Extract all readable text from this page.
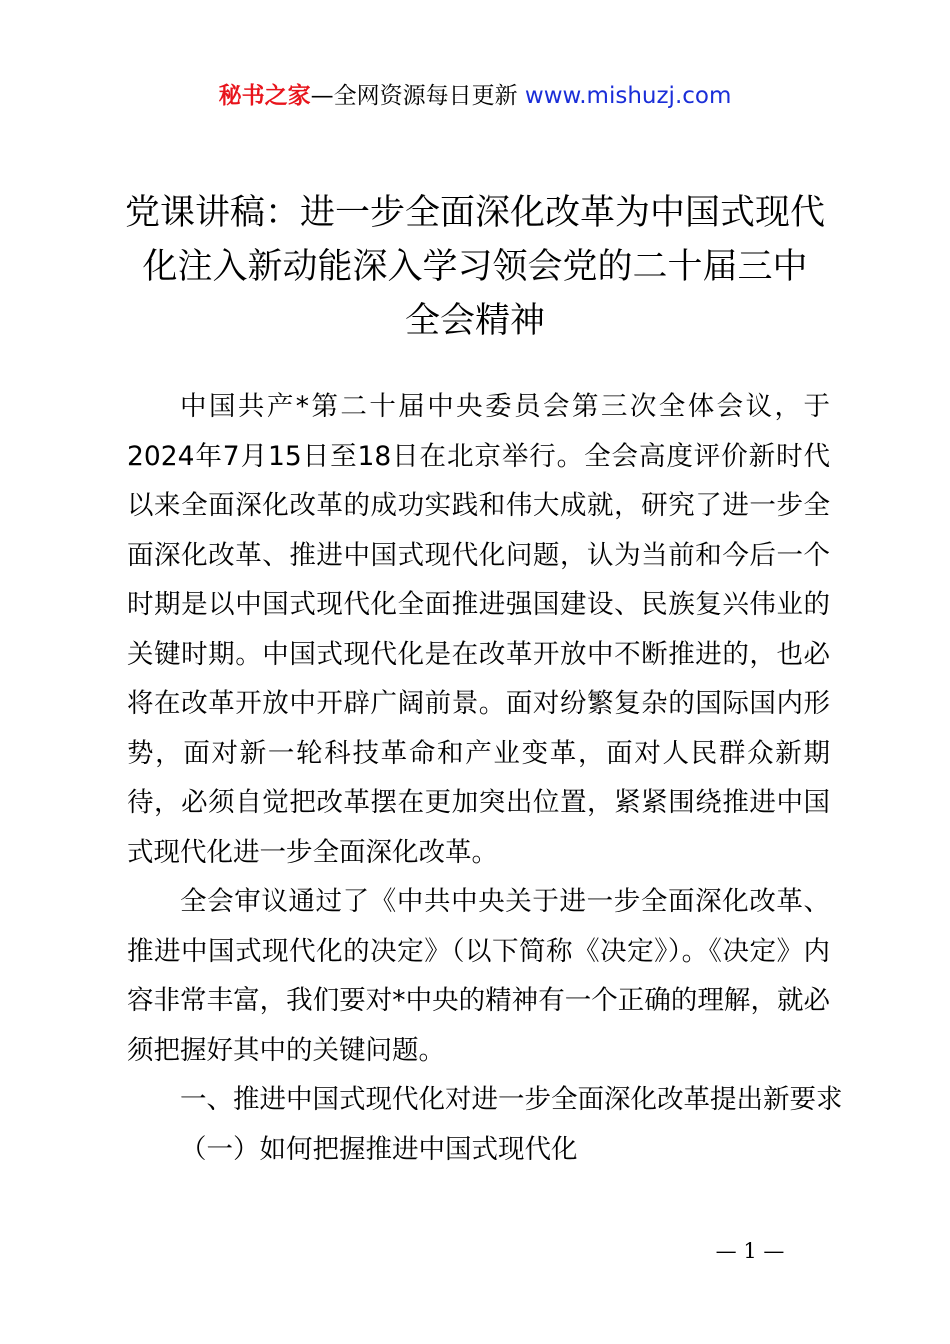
秘书之家—全网资源每日更新 www.mishuzj.com
党课讲稿：进一步全面深化改革为中国式现代
化注入新动能深入学习领会党的二十届三中
全会精神

中国共产*第二十届中央委员会第三次全体会议，于2024年7月15日至18日在北京举行。全会高度评价新时代以来全面深化改革的成功实践和伟大成就，研究了进一步全面深化改革、推进中国式现代化问题，认为当前和今后一个时期是以中国式现代化全面推进强国建设、民族复兴伟业的关键时期。中国式现代化是在改革开放中不断推进的，也必将在改革开放中开辟广阔前景。面对纷繁复杂的国际国内形势，面对新一轮科技革命和产业变革，面对人民群众新期待，必须自觉把改革摆在更加突出位置，紧紧围绕推进中国式现代化进一步全面深化改革。

全会审议通过了《中共中央关于进一步全面深化改革、推进中国式现代化的决定》（以下简称《决定》）。《决定》内容非常丰富，我们要对*中央的精神有一个正确的理解，就必须把握好其中的关键问题。

一、推进中国式现代化对进一步全面深化改革提出新要求

（一）如何把握推进中国式现代化

— 1 —
